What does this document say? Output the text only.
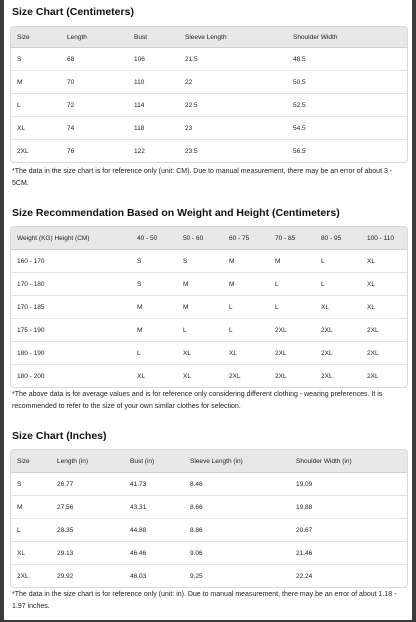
Size Chart (Centimeters)
Size	Length	Bust	Sleeve Length	Shoulder Width
S	68	106	21.5	48.5
M	70	110	22	50.5
L	72	114	22.5	52.5
XL	74	118	23	54.5
2XL	76	122	23.5	56.5

*The data in the size chart is for reference only (unit: CM). Due to manual measurement, there may be an error of about 3 - 5CM.

Size Recommendation Based on Weight and Height (Centimeters)
Weight (KG) Height (CM)	40 - 50	50 - 60	60 - 75	70 - 85	80 - 95	100 - 110
160 - 170	S	S	M	M	L	XL
170 - 180	S	M	M	L	L	XL
170 - 185	M	M	L	L	XL	XL
175 - 190	M	L	L	2XL	2XL	2XL
180 - 190	L	XL	XL	2XL	2XL	2XL
180 - 200	XL	XL	2XL	2XL	2XL	2XL

*The above data is for average values and is for reference only considering different clothing - wearing preferences. It is recommended to refer to the size of your own similar clothes for selection.

Size Chart (Inches)
Size	Length (in)	Bust (in)	Sleeve Length (in)	Shoulder Width (in)
S	26.77	41.73	8.46	19.09
M	27.56	43.31	8.66	19.88
L	28.35	44.88	8.86	20.67
XL	29.13	46.46	9.06	21.46
2XL	29.92	48.03	9.25	22.24

*The data in the size chart is for reference only (unit: in). Due to manual measurement, there may be an error of about 1.18 - 1.97 inches.
